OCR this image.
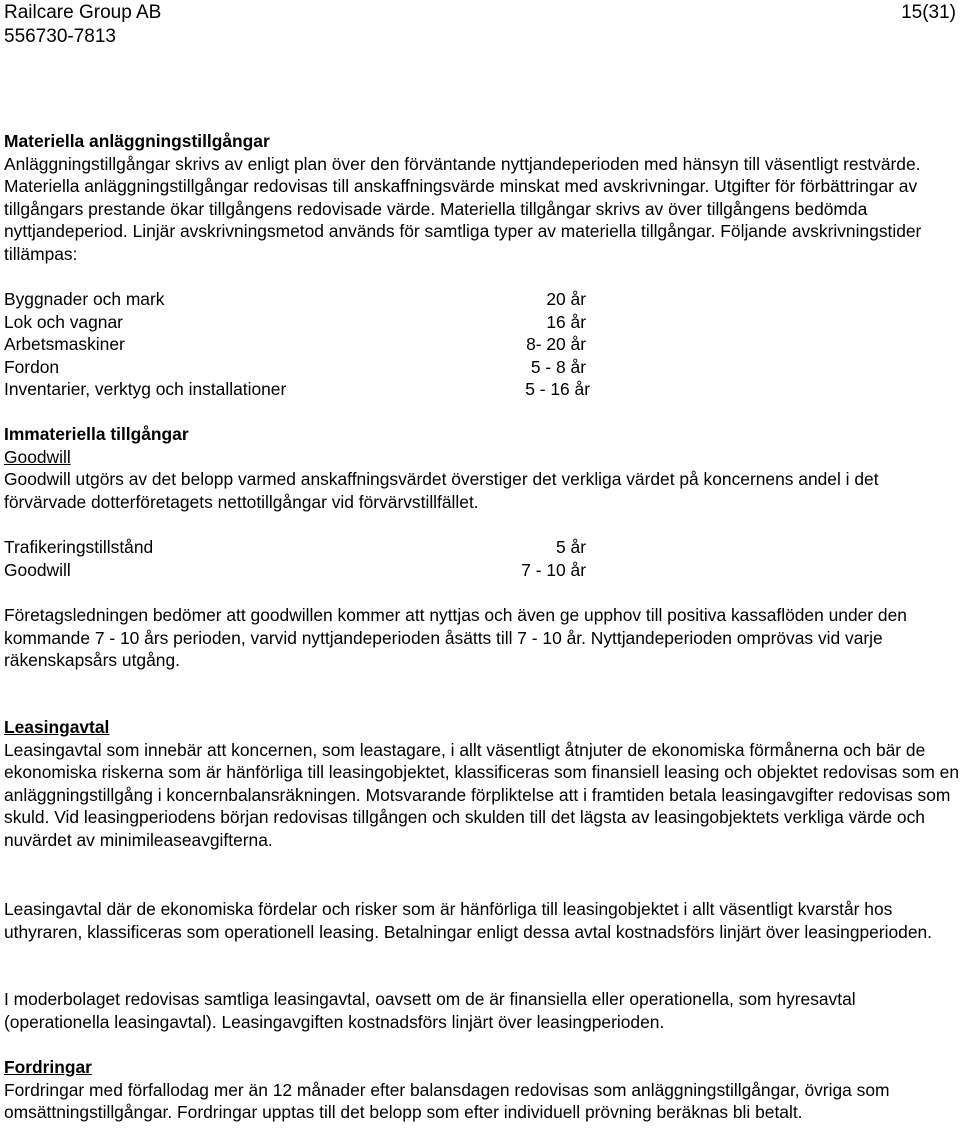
Railcare Group AB
556730-7813
15(31)

Materiella anläggningstillgångar

Anläggningstillgångar skrivs av enligt plan över den förväntande nyttjandeperioden med hänsyn till väsentligt restvärde. Materiella anläggningstillgångar redovisas till anskaffningsvärde minskat med avskrivningar. Utgifter för förbättringar av tillgångars prestande ökar tillgångens redovisade värde. Materiella tillgångar skrivs av över tillgångens bedömda nyttjandeperiod. Linjär avskrivningsmetod används för samtliga typer av materiella tillgångar. Följande avskrivningstider tillämpas:

Byggnader och mark	20 år
Lok och vagnar	16 år
Arbetsmaskiner	8- 20 år
Fordon	5 - 8 år
Inventarier, verktyg och installationer	5 - 16 år

Immateriella tillgångar

Goodwill

Goodwill utgörs av det belopp varmed anskaffningsvärdet överstiger det verkliga värdet på koncernens andel i det förvärvade dotterföretagets nettotillgångar vid förvärvstillfället.

Trafikeringstillstånd	5 år
Goodwill	7 - 10 år

Företagsledningen bedömer att goodwillen kommer att nyttjas och även ge upphov till positiva kassaflöden under den kommande 7 - 10 års perioden, varvid nyttjandeperioden åsätts till 7 - 10 år. Nyttjandeperioden omprövas vid varje räkenskapsårs utgång.

Leasingavtal

Leasingavtal som innebär att koncernen, som leastagare, i allt väsentligt åtnjuter de ekonomiska förmånerna och bär de ekonomiska riskerna som är hänförliga till leasingobjektet, klassificeras som finansiell leasing och objektet redovisas som en anläggningstillgång i koncernbalansräkningen. Motsvarande förpliktelse att i framtiden betala leasingavgifter redovisas som skuld. Vid leasingperiodens början redovisas tillgången och skulden till det lägsta av leasingobjektets verkliga värde och nuvärdet av minimileaseavgifterna.

Leasingavtal där de ekonomiska fördelar och risker som är hänförliga till leasingobjektet i allt väsentligt kvarstår hos uthyraren, klassificeras som operationell leasing. Betalningar enligt dessa avtal kostnadsförs linjärt över leasingperioden.

I moderbolaget redovisas samtliga leasingavtal, oavsett om de är finansiella eller operationella, som hyresavtal (operationella leasingavtal). Leasingavgiften kostnadsförs linjärt över leasingperioden.

Fordringar

Fordringar med förfallodag mer än 12 månader efter balansdagen redovisas som anläggningstillgångar, övriga som omsättningstillgångar. Fordringar upptas till det belopp som efter individuell prövning beräknas bli betalt.
